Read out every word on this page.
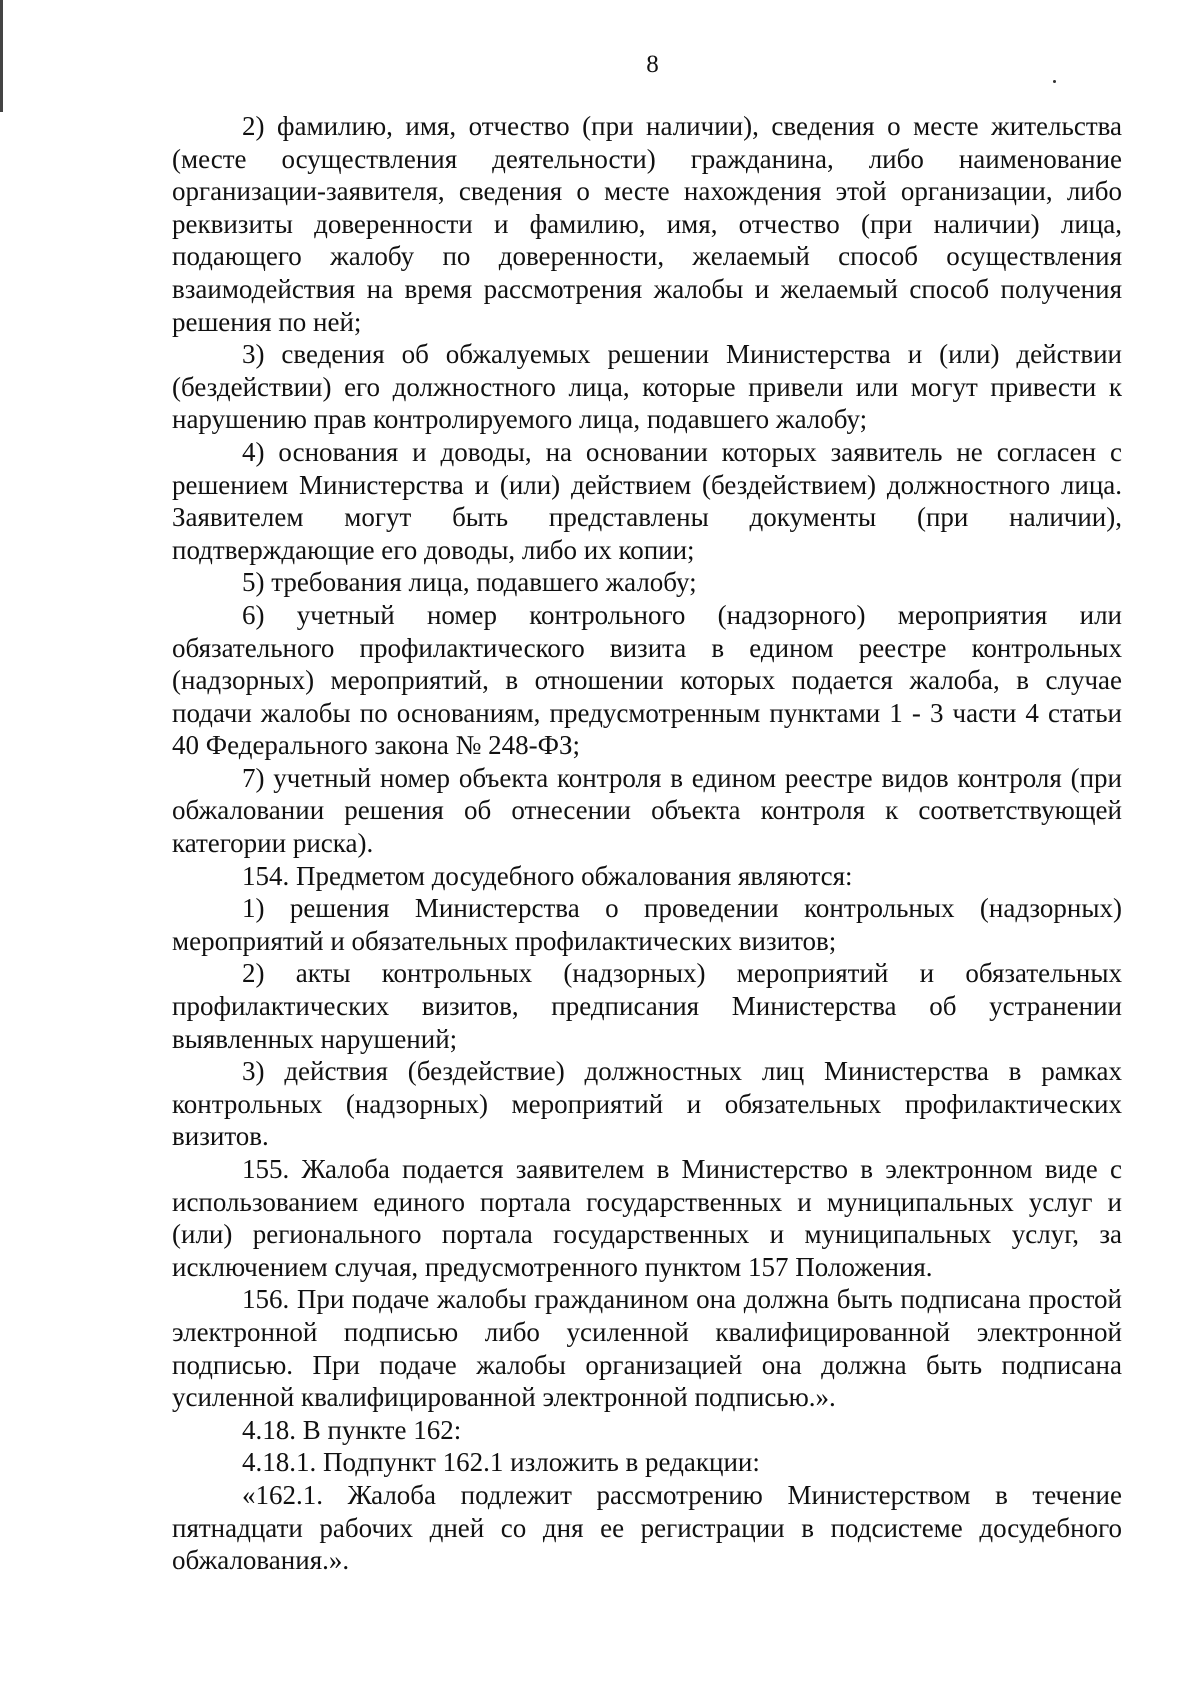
8

2) фамилию, имя, отчество (при наличии), сведения о месте жительства (месте осуществления деятельности) гражданина, либо наименование организации-заявителя, сведения о месте нахождения этой организации, либо реквизиты доверенности и фамилию, имя, отчество (при наличии) лица, подающего жалобу по доверенности, желаемый способ осуществления взаимодействия на время рассмотрения жалобы и желаемый способ получения решения по ней;

3) сведения об обжалуемых решении Министерства и (или) действии (бездействии) его должностного лица, которые привели или могут привести к нарушению прав контролируемого лица, подавшего жалобу;

4) основания и доводы, на основании которых заявитель не согласен с решением Министерства и (или) действием (бездействием) должностного лица. Заявителем могут быть представлены документы (при наличии), подтверждающие его доводы, либо их копии;

5) требования лица, подавшего жалобу;

6) учетный номер контрольного (надзорного) мероприятия или обязательного профилактического визита в едином реестре контрольных (надзорных) мероприятий, в отношении которых подается жалоба, в случае подачи жалобы по основаниям, предусмотренным пунктами 1 - 3 части 4 статьи 40 Федерального закона № 248-ФЗ;

7) учетный номер объекта контроля в едином реестре видов контроля (при обжаловании решения об отнесении объекта контроля к соответствующей категории риска).

154. Предметом досудебного обжалования являются:

1) решения Министерства о проведении контрольных (надзорных) мероприятий и обязательных профилактических визитов;

2) акты контрольных (надзорных) мероприятий и обязательных профилактических визитов, предписания Министерства об устранении выявленных нарушений;

3) действия (бездействие) должностных лиц Министерства в рамках контрольных (надзорных) мероприятий и обязательных профилактических визитов.

155. Жалоба подается заявителем в Министерство в электронном виде с использованием единого портала государственных и муниципальных услуг и (или) регионального портала государственных и муниципальных услуг, за исключением случая, предусмотренного пунктом 157 Положения.

156. При подаче жалобы гражданином она должна быть подписана простой электронной подписью либо усиленной квалифицированной электронной подписью. При подаче жалобы организацией она должна быть подписана усиленной квалифицированной электронной подписью.».

4.18. В пункте 162:

4.18.1. Подпункт 162.1 изложить в редакции:

«162.1. Жалоба подлежит рассмотрению Министерством в течение пятнадцати рабочих дней со дня ее регистрации в подсистеме досудебного обжалования.».
